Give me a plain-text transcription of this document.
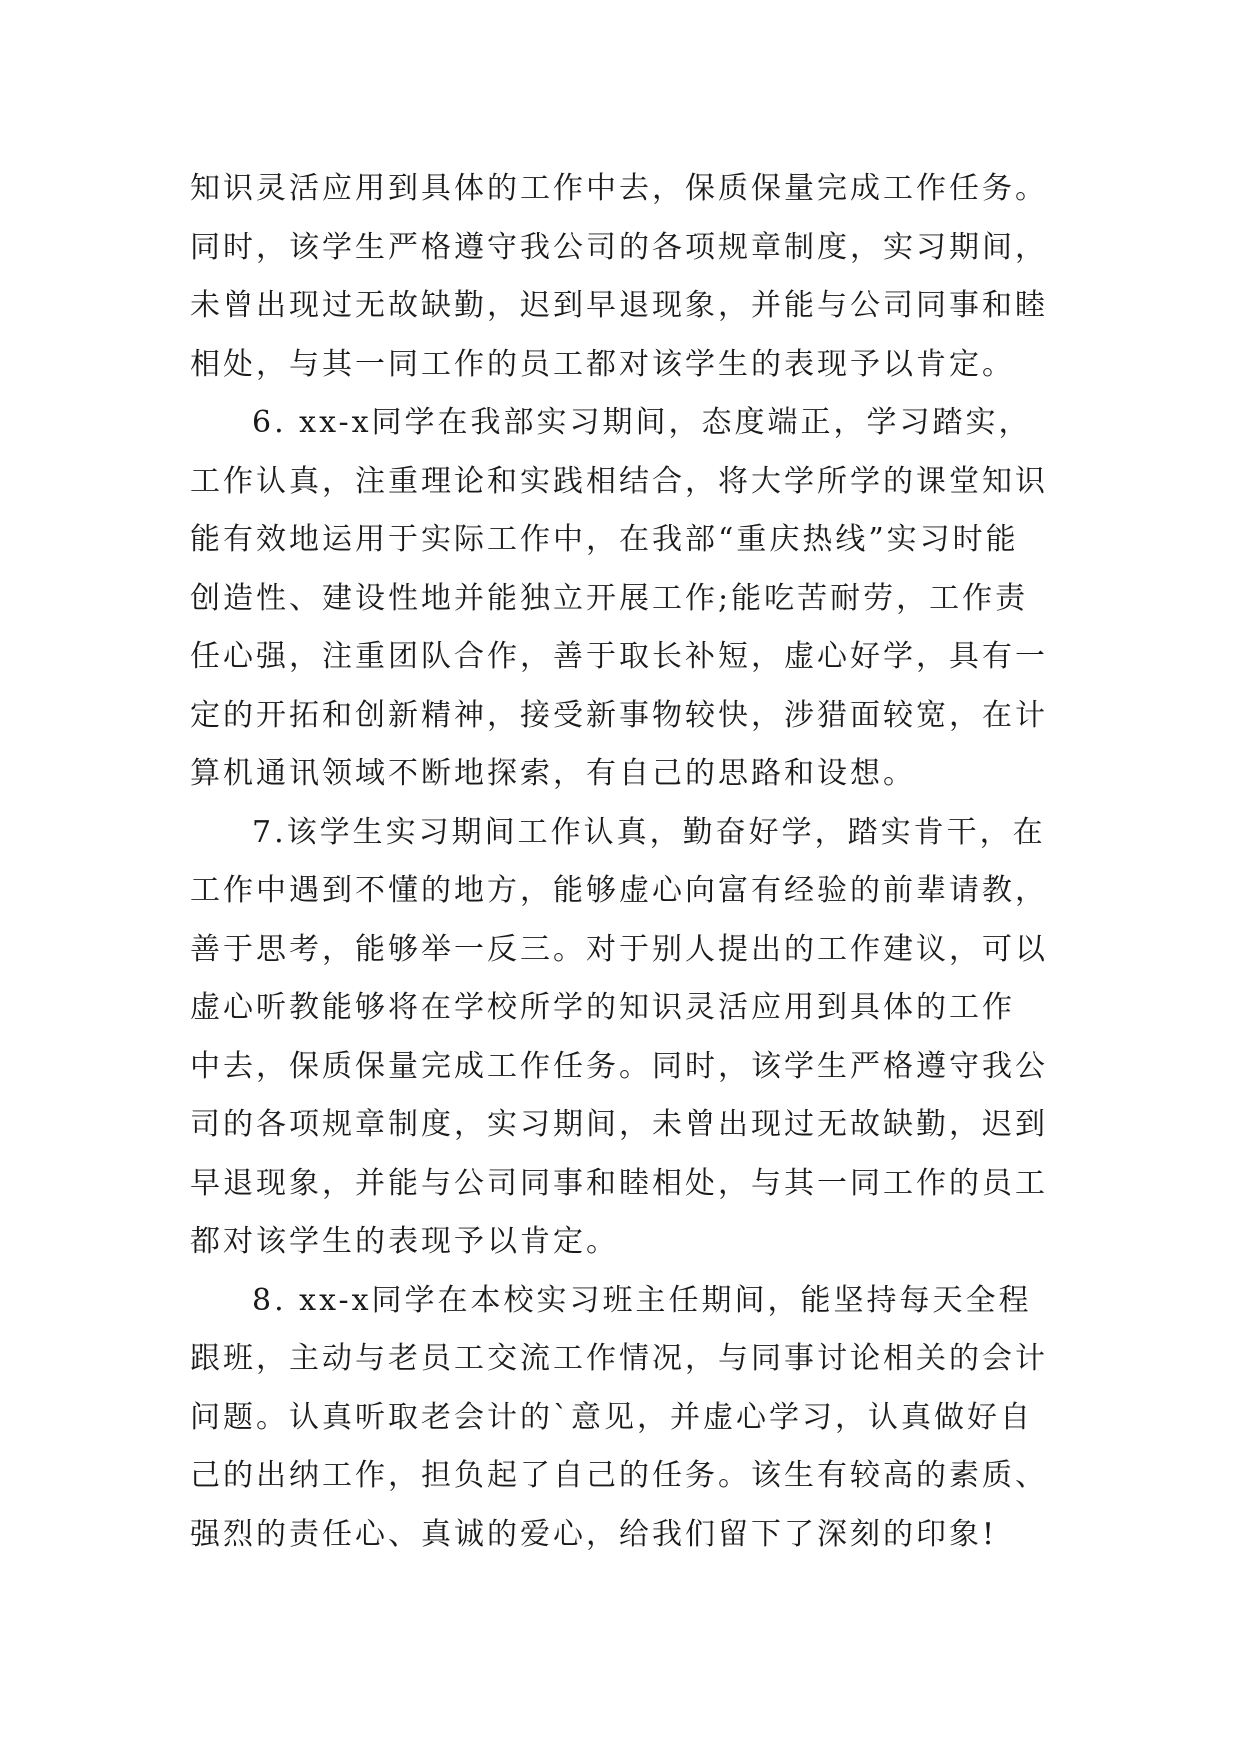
知识灵活应用到具体的工作中去，保质保量完成工作任务。
同时，该学生严格遵守我公司的各项规章制度，实习期间，
未曾出现过无故缺勤，迟到早退现象，并能与公司同事和睦
相处，与其一同工作的员工都对该学生的表现予以肯定。
6. xx-x同学在我部实习期间，态度端正，学习踏实，
工作认真，注重理论和实践相结合，将大学所学的课堂知识
能有效地运用于实际工作中，在我部“重庆热线”实习时能
创造性、建设性地并能独立开展工作;能吃苦耐劳，工作责
任心强，注重团队合作，善于取长补短，虚心好学，具有一
定的开拓和创新精神，接受新事物较快，涉猎面较宽，在计
算机通讯领域不断地探索，有自己的思路和设想。
7.该学生实习期间工作认真，勤奋好学，踏实肯干，在
工作中遇到不懂的地方，能够虚心向富有经验的前辈请教，
善于思考，能够举一反三。对于别人提出的工作建议，可以
虚心听教能够将在学校所学的知识灵活应用到具体的工作
中去，保质保量完成工作任务。同时，该学生严格遵守我公
司的各项规章制度，实习期间，未曾出现过无故缺勤，迟到
早退现象，并能与公司同事和睦相处，与其一同工作的员工
都对该学生的表现予以肯定。
8. xx-x同学在本校实习班主任期间，能坚持每天全程
跟班，主动与老员工交流工作情况，与同事讨论相关的会计
问题。认真听取老会计的`意见，并虚心学习，认真做好自
己的出纳工作，担负起了自己的任务。该生有较高的素质、
强烈的责任心、真诚的爱心，给我们留下了深刻的印象!
